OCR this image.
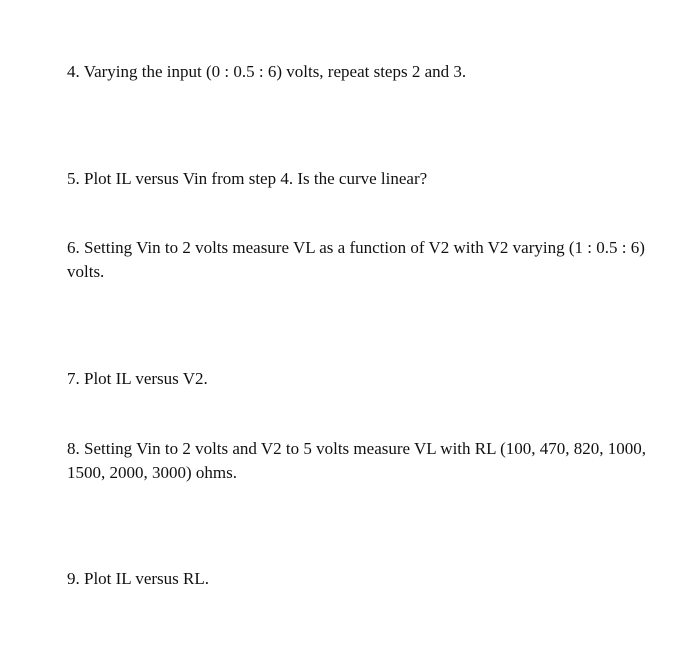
4. Varying the input (0 : 0.5 : 6) volts, repeat steps 2 and 3.

5. Plot IL versus Vin from step 4. Is the curve linear?

6. Setting Vin to 2 volts measure VL as a function of V2 with V2 varying (1 : 0.5 : 6) volts.

7. Plot IL versus V2.

8. Setting Vin to 2 volts and V2 to 5 volts measure VL with RL (100, 470, 820, 1000, 1500, 2000, 3000) ohms.

9. Plot IL versus RL.
